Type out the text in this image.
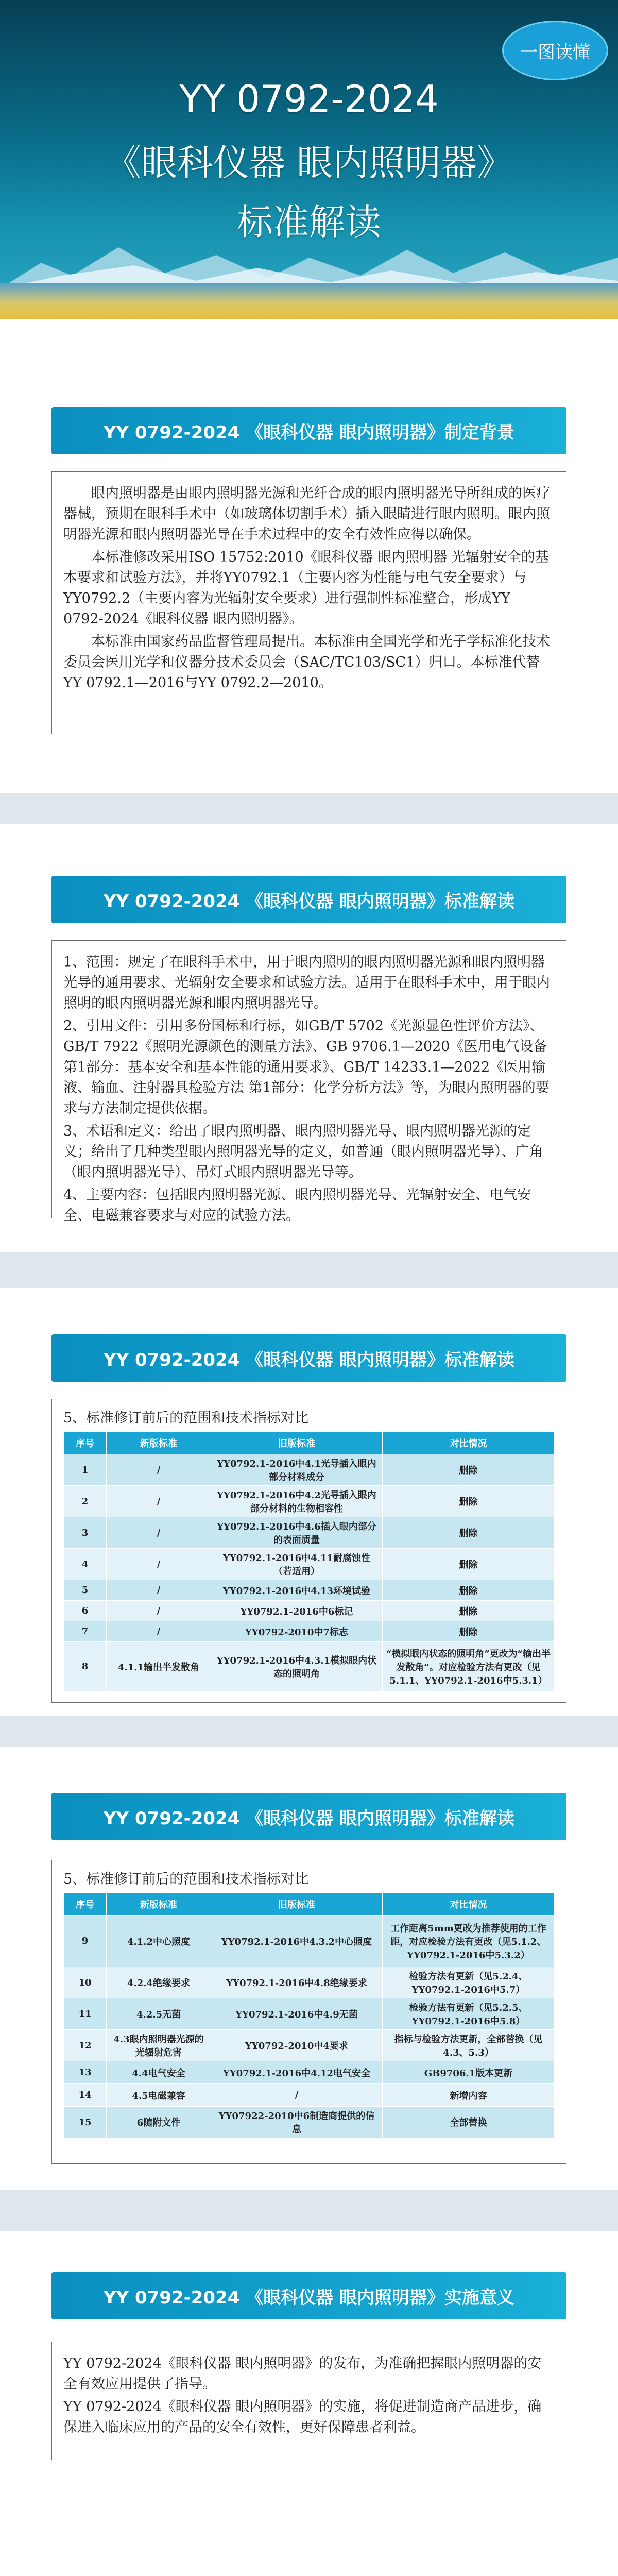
一图读懂
YY 0792-2024
《眼科仪器 眼内照明器》
标准解读
YY 0792-2024 《眼科仪器 眼内照明器》制定背景

眼内照明器是由眼内照明器光源和光纤合成的眼内照明器光导所组成的医疗器械，预期在眼科手术中（如玻璃体切割手术）插入眼睛进行眼内照明。眼内照明器光源和眼内照明器光导在手术过程中的安全有效性应得以确保。

本标准修改采用ISO 15752:2010《眼科仪器 眼内照明器 光辐射安全的基本要求和试验方法》，并将YY0792.1（主要内容为性能与电气安全要求）与YY0792.2（主要内容为光辐射安全要求）进行强制性标准整合，形成YY 0792-2024《眼科仪器 眼内照明器》。

本标准由国家药品监督管理局提出。本标准由全国光学和光子学标准化技术委员会医用光学和仪器分技术委员会（SAC/TC103/SC1）归口。本标准代替YY 0792.1—2016与YY 0792.2—2010。

YY 0792-2024 《眼科仪器 眼内照明器》标准解读

1、范围：规定了在眼科手术中，用于眼内照明的眼内照明器光源和眼内照明器光导的通用要求、光辐射安全要求和试验方法。适用于在眼科手术中，用于眼内照明的眼内照明器光源和眼内照明器光导。

2、引用文件：引用多份国标和行标，如GB/T 5702《光源显色性评价方法》、GB/T 7922《照明光源颜色的测量方法》、GB 9706.1—2020《医用电气设备 第1部分：基本安全和基本性能的通用要求》、GB/T 14233.1—2022《医用输液、输血、注射器具检验方法 第1部分：化学分析方法》等，为眼内照明器的要求与方法制定提供依据。

3、术语和定义：给出了眼内照明器、眼内照明器光导、眼内照明器光源的定义；给出了几种类型眼内照明器光导的定义，如普通（眼内照明器光导）、广角（眼内照明器光导）、吊灯式眼内照明器光导等。

4、主要内容：包括眼内照明器光源、眼内照明器光导、光辐射安全、电气安全、电磁兼容要求与对应的试验方法。

YY 0792-2024 《眼科仪器 眼内照明器》标准解读
5、标准修订前后的范围和技术指标对比
序号	新版标准	旧版标准	对比情况
1	/	YY0792.1-2016中4.1光导插入眼内部分材料成分	删除
2	/	YY0792.1-2016中4.2光导插入眼内部分材料的生物相容性	删除
3	/	YY0792.1-2016中4.6插入眼内部分的表面质量	删除
4	/	YY0792.1-2016中4.11耐腐蚀性（若适用）	删除
5	/	YY0792.1-2016中4.13环境试验	删除
6	/	YY0792.1-2016中6标记	删除
7	/	YY0792-2010中7标志	删除
8	4.1.1输出半发散角	YY0792.1-2016中4.3.1模拟眼内状态的照明角	“模拟眼内状态的照明角”更改为“输出半发散角”。对应检验方法有更改（见5.1.1、YY0792.1-2016中5.3.1）
YY 0792-2024 《眼科仪器 眼内照明器》标准解读
5、标准修订前后的范围和技术指标对比
序号	新版标准	旧版标准	对比情况
9	4.1.2中心照度	YY0792.1-2016中4.3.2中心照度	工作距离5mm更改为推荐使用的工作距，对应检验方法有更改（见5.1.2、YY0792.1-2016中5.3.2）
10	4.2.4绝缘要求	YY0792.1-2016中4.8绝缘要求	检验方法有更新（见5.2.4、YY0792.1-2016中5.7）
11	4.2.5无菌	YY0792.1-2016中4.9无菌	检验方法有更新（见5.2.5、YY0792.1-2016中5.8）
12	4.3眼内照明器光源的光辐射危害	YY0792-2010中4要求	指标与检验方法更新，全部替换（见4.3、5.3）
13	4.4电气安全	YY0792.1-2016中4.12电气安全	GB9706.1版本更新
14	4.5电磁兼容	/	新增内容
15	6随附文件	YY07922-2010中6制造商提供的信息	全部替换
YY 0792-2024 《眼科仪器 眼内照明器》实施意义

YY 0792-2024《眼科仪器 眼内照明器》的发布，为准确把握眼内照明器的安全有效应用提供了指导。

YY 0792-2024《眼科仪器 眼内照明器》的实施，将促进制造商产品进步，确保进入临床应用的产品的安全有效性，更好保障患者利益。
